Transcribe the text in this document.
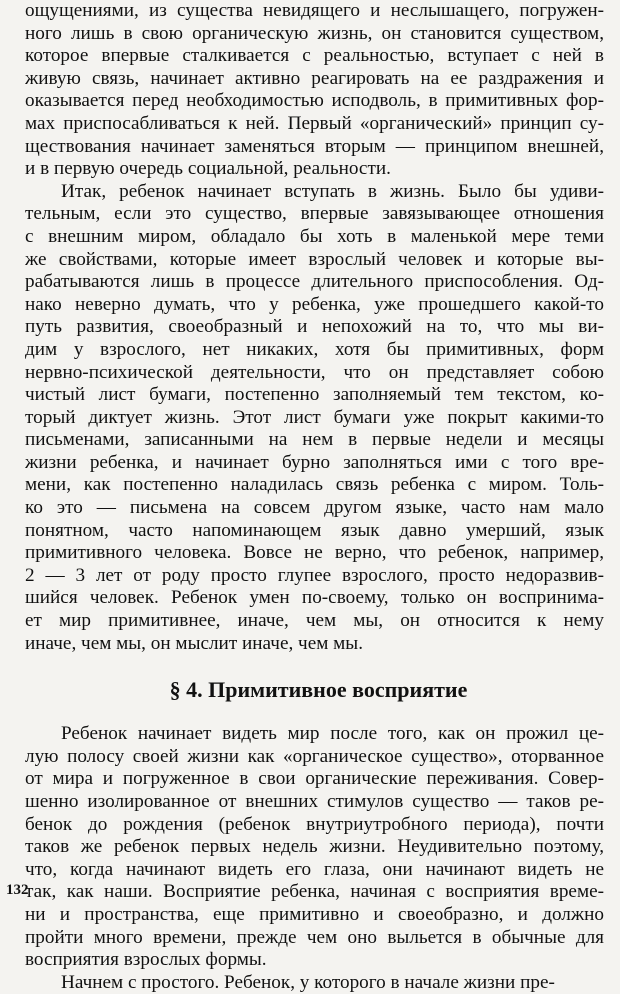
ощущениями, из существа невидящего и неслышащего, погружен-
ного лишь в свою органическую жизнь, он становится существом,
которое впервые сталкивается с реальностью, вступает с ней в
живую связь, начинает активно реагировать на ее раздражения и
оказывается перед необходимостью исподволь, в примитивных фор-
мах приспосабливаться к ней. Первый «органический» принцип су-
ществования начинает заменяться вторым — принципом внешней,
и в первую очередь социальной, реальности.
Итак, ребенок начинает вступать в жизнь. Было бы удиви-
тельным, если это существо, впервые завязывающее отношения
с внешним миром, обладало бы хоть в маленькой мере теми
же свойствами, которые имеет взрослый человек и которые вы-
рабатываются лишь в процессе длительного приспособления. Од-
нако неверно думать, что у ребенка, уже прошедшего какой-то
путь развития, своеобразный и непохожий на то, что мы ви-
дим у взрослого, нет никаких, хотя бы примитивных, форм
нервно-психической деятельности, что он представляет собою
чистый лист бумаги, постепенно заполняемый тем текстом, ко-
торый диктует жизнь. Этот лист бумаги уже покрыт какими-то
письменами, записанными на нем в первые недели и месяцы
жизни ребенка, и начинает бурно заполняться ими с того вре-
мени, как постепенно наладилась связь ребенка с миром. Толь-
ко это — письмена на совсем другом языке, часто нам мало
понятном, часто напоминающем язык давно умерший, язык
примитивного человека. Вовсе не верно, что ребенок, например,
2 — 3 лет от роду просто глупее взрослого, просто недоразвив-
шийся человек. Ребенок умен по-своему, только он воспринима-
ет мир примитивнее, иначе, чем мы, он относится к нему
иначе, чем мы, он мыслит иначе, чем мы.
§ 4. Примитивное восприятие
Ребенок начинает видеть мир после того, как он прожил це-
лую полосу своей жизни как «органическое существо», оторванное
от мира и погруженное в свои органические переживания. Совер-
шенно изолированное от внешних стимулов существо — таков ре-
бенок до рождения (ребенок внутриутробного периода), почти
таков же ребенок первых недель жизни. Неудивительно поэтому,
что, когда начинают видеть его глаза, они начинают видеть не
так, как наши. Восприятие ребенка, начиная с восприятия време-
ни и пространства, еще примитивно и своеобразно, и должно
пройти много времени, прежде чем оно выльется в обычные для
восприятия взрослых формы.
Начнем с простого. Ребенок, у которого в начале жизни пре-
132
